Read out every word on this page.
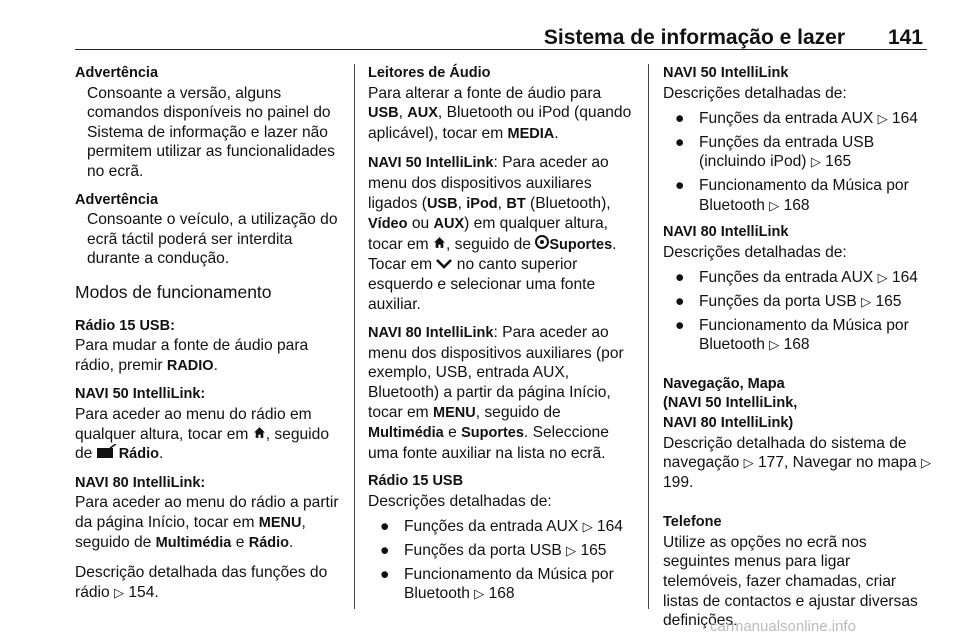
Sistema de informação e lazer 141

Advertência

Consoante a versão, alguns comandos disponíveis no painel do Sistema de informação e lazer não permitem utilizar as funcionalidades no ecrã.

Advertência

Consoante o veículo, a utilização do ecrã táctil poderá ser interdita durante a condução.

Modos de funcionamento

Rádio 15 USB:

Para mudar a fonte de áudio para rádio, premir RADIO.

NAVI 50 IntelliLink:

Para aceder ao menu do rádio em qualquer altura, tocar em , seguido de Rádio.

NAVI 80 IntelliLink:

Para aceder ao menu do rádio a partir da página Início, tocar em MENU, seguido de Multimédia e Rádio.

Descrição detalhada das funções do rádio ▷ 154.

Leitores de Áudio

Para alterar a fonte de áudio para USB, AUX, Bluetooth ou iPod (quando aplicável), tocar em MEDIA.

NAVI 50 IntelliLink: Para aceder ao menu dos dispositivos auxiliares ligados (USB, iPod, BT (Bluetooth), Vídeo ou AUX) em qualquer altura, tocar em , seguido de Suportes. Tocar em  no canto superior esquerdo e selecionar uma fonte auxiliar.

NAVI 80 IntelliLink: Para aceder ao menu dos dispositivos auxiliares (por exemplo, USB, entrada AUX, Bluetooth) a partir da página Início, tocar em MENU, seguido de Multimédia e Suportes. Seleccione uma fonte auxiliar na lista no ecrã.

Rádio 15 USB

Descrições detalhadas de:

● Funções da entrada AUX ▷ 164
● Funções da porta USB ▷ 165
● Funcionamento da Música por Bluetooth ▷ 168

NAVI 50 IntelliLink

Descrições detalhadas de:

● Funções da entrada AUX ▷ 164
● Funções da entrada USB (incluindo iPod) ▷ 165
● Funcionamento da Música por Bluetooth ▷ 168

NAVI 80 IntelliLink

Descrições detalhadas de:

● Funções da entrada AUX ▷ 164
● Funções da porta USB ▷ 165
● Funcionamento da Música por Bluetooth ▷ 168

Navegação, Mapa

(NAVI 50 IntelliLink,

NAVI 80 IntelliLink)

Descrição detalhada do sistema de navegação ▷ 177, Navegar no mapa ▷ 199.

Telefone

Utilize as opções no ecrã nos seguintes menus para ligar telemóveis, fazer chamadas, criar listas de contactos e ajustar diversas definições.

carmanualsonline.info
